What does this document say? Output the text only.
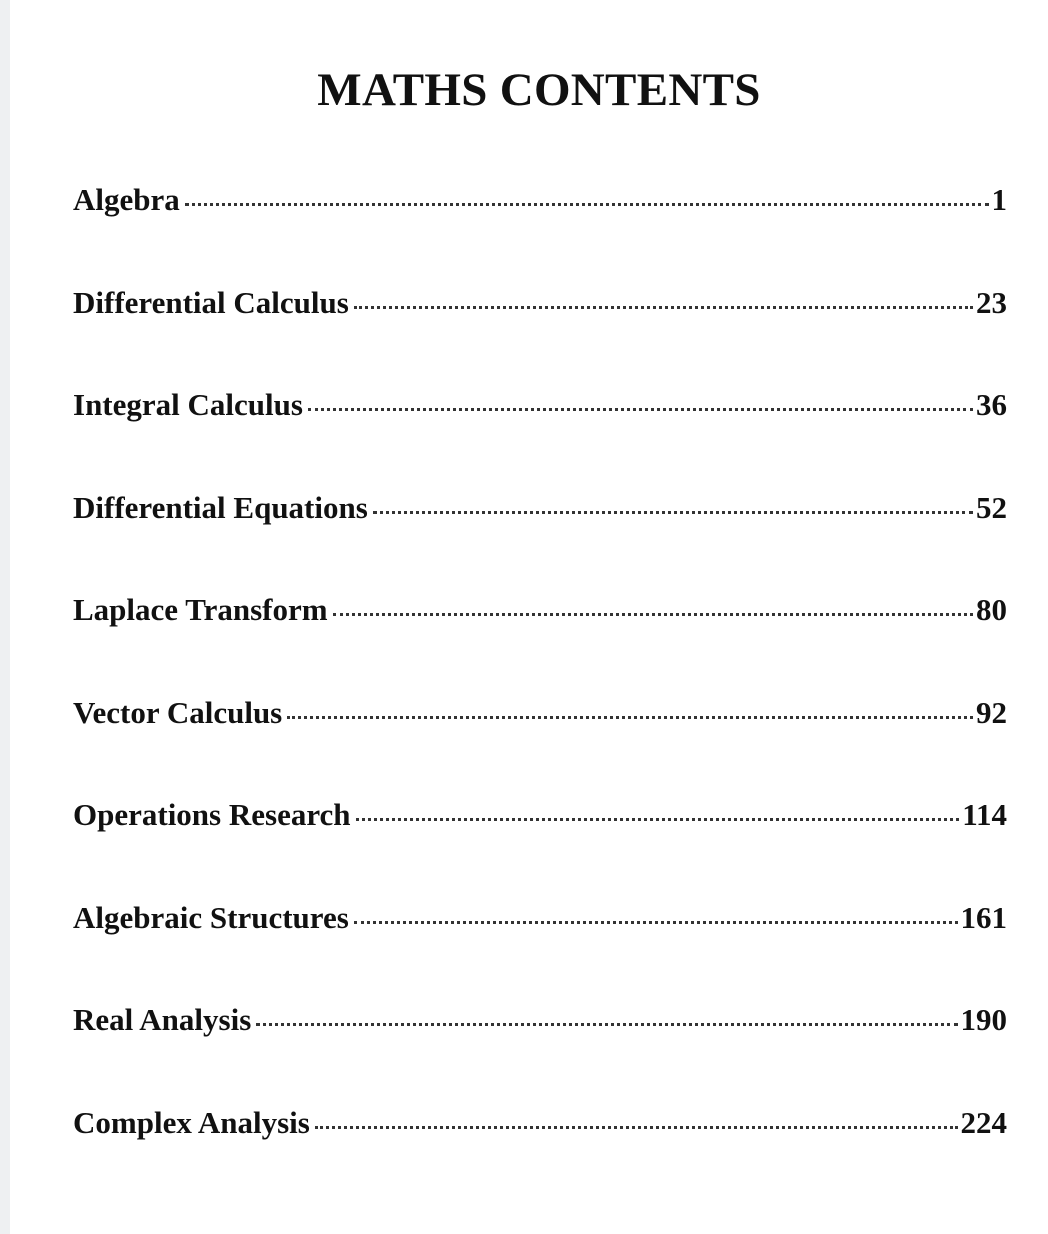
MATHS CONTENTS
Algebra	1
Differential Calculus	23
Integral Calculus	36
Differential Equations	52
Laplace Transform	80
Vector Calculus	92
Operations Research	114
Algebraic Structures	161
Real Analysis	190
Complex Analysis	224
